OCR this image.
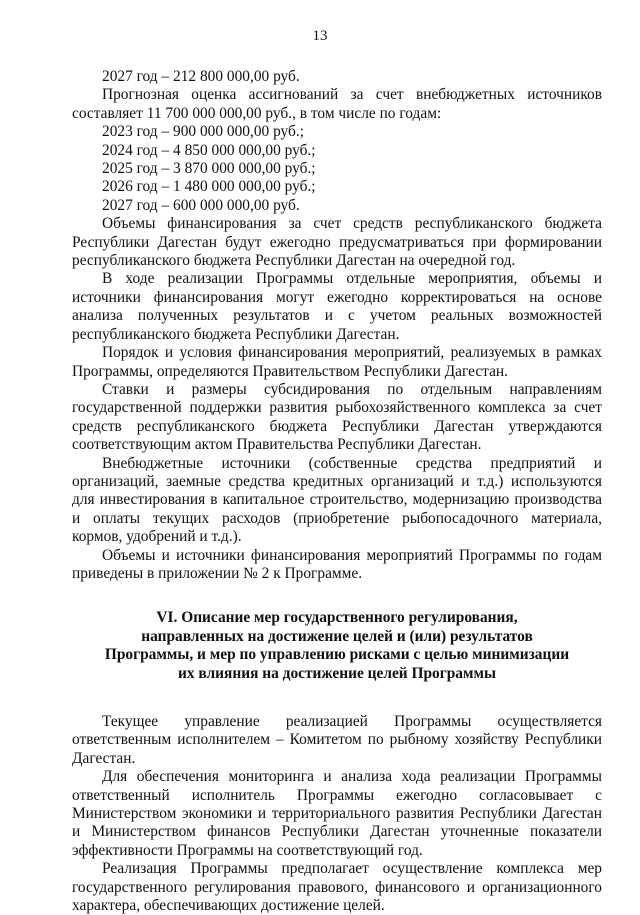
13
2027 год – 212 800 000,00 руб.

Прогнозная оценка ассигнований за счет внебюджетных источников составляет 11 700 000 000,00 руб., в том числе по годам:

2023 год – 900 000 000,00 руб.;
2024 год – 4 850 000 000,00 руб.;
2025 год – 3 870 000 000,00 руб.;
2026 год – 1 480 000 000,00 руб.;
2027 год – 600 000 000,00 руб.

Объемы финансирования за счет средств республиканского бюджета Республики Дагестан будут ежегодно предусматриваться при формировании республиканского бюджета Республики Дагестан на очередной год.

В ходе реализации Программы отдельные мероприятия, объемы и источники финансирования могут ежегодно корректироваться на основе анализа полученных результатов и с учетом реальных возможностей республиканского бюджета Республики Дагестан.

Порядок и условия финансирования мероприятий, реализуемых в рамках Программы, определяются Правительством Республики Дагестан.

Ставки и размеры субсидирования по отдельным направлениям государственной поддержки развития рыбохозяйственного комплекса за счет средств республиканского бюджета Республики Дагестан утверждаются соответствующим актом Правительства Республики Дагестан.

Внебюджетные источники (собственные средства предприятий и организаций, заемные средства кредитных организаций и т.д.) используются для инвестирования в капитальное строительство, модернизацию производства и оплаты текущих расходов (приобретение рыбопосадочного материала, кормов, удобрений и т.д.).

Объемы и источники финансирования мероприятий Программы по годам приведены в приложении № 2 к Программе.

VI. Описание мер государственного регулирования,
направленных на достижение целей и (или) результатов
Программы, и мер по управлению рисками с целью минимизации
их влияния на достижение целей Программы

Текущее управление реализацией Программы осуществляется ответственным исполнителем – Комитетом по рыбному хозяйству Республики Дагестан.

Для обеспечения мониторинга и анализа хода реализации Программы ответственный исполнитель Программы ежегодно согласовывает с Министерством экономики и территориального развития Республики Дагестан и Министерством финансов Республики Дагестан уточненные показатели эффективности Программы на соответствующий год.

Реализация Программы предполагает осуществление комплекса мер государственного регулирования правового, финансового и организационного характера, обеспечивающих достижение целей.
